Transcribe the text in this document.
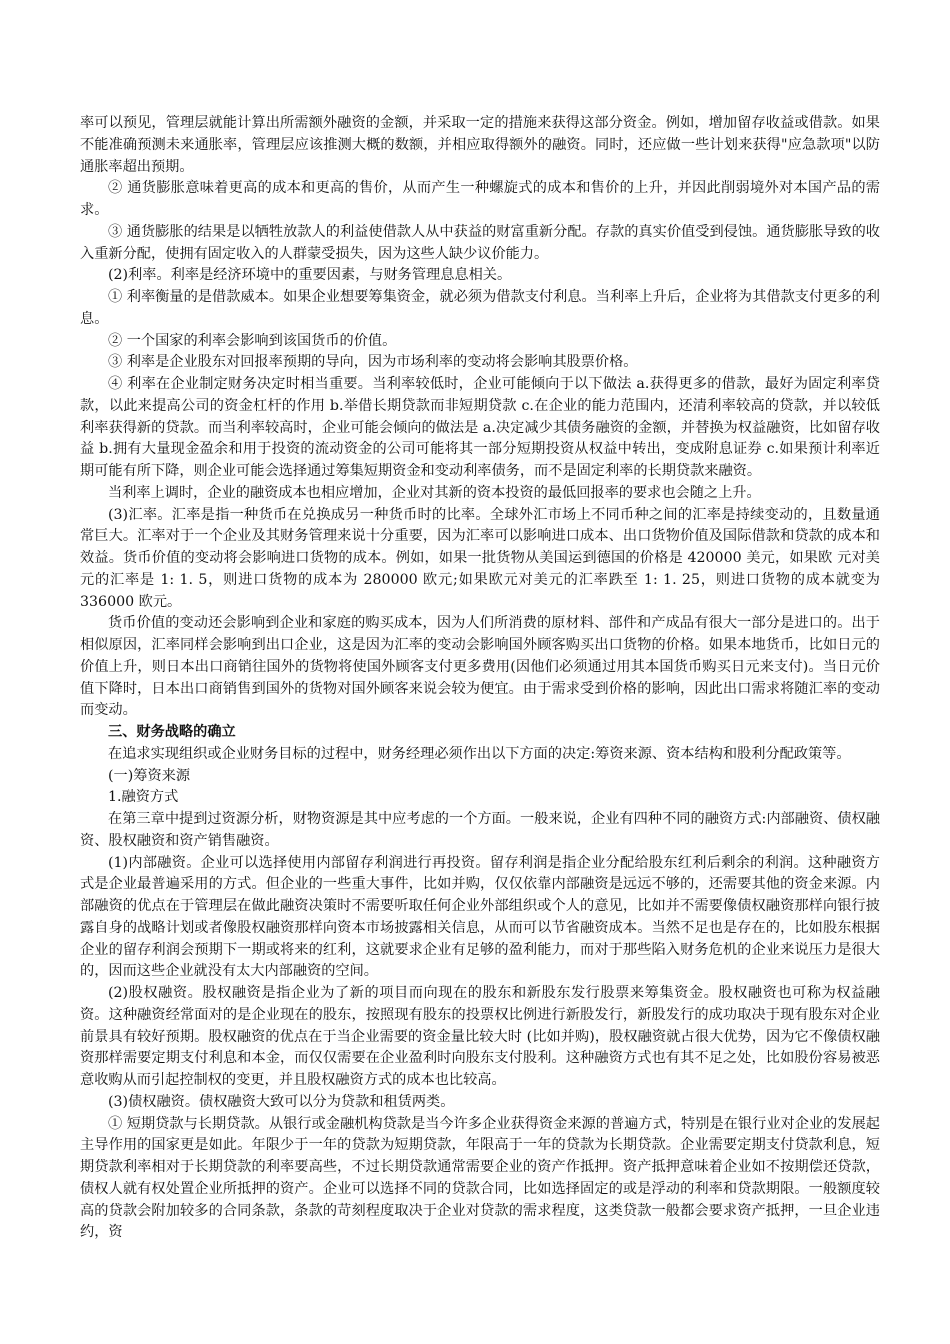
率可以预见，管理层就能计算出所需额外融资的金额，并采取一定的措施来获得这部分资金。例如，增加留存收益或借款。如果不能准确预测未来通胀率，管理层应该推测大概的数额，并相应取得额外的融资。同时，还应做一些计划来获得"应急款项"以防通胀率超出预期。

② 通货膨胀意味着更高的成本和更高的售价，从而产生一种螺旋式的成本和售价的上升，并因此削弱境外对本国产品的需求。

③ 通货膨胀的结果是以牺牲放款人的利益使借款人从中获益的财富重新分配。存款的真实价值受到侵蚀。通货膨胀导致的收入重新分配，使拥有固定收入的人群蒙受损失，因为这些人缺少议价能力。

(2)利率。利率是经济环境中的重要因素，与财务管理息息相关。

① 利率衡量的是借款威本。如果企业想要筹集资金，就必须为借款支付利息。当利率上升后，企业将为其借款支付更多的利息。

② 一个国家的利率会影响到该国货币的价值。

③ 利率是企业股东对回报率预期的导向，因为市场利率的变动将会影响其股票价格。

④ 利率在企业制定财务决定时相当重要。当利率较低时，企业可能倾向于以下做法 a.获得更多的借款，最好为固定利率贷款，以此来提高公司的资金杠杆的作用 b.举借长期贷款而非短期贷款 c.在企业的能力范围内，还清利率较高的贷款，并以较低利率获得新的贷款。而当利率较高时，企业可能会倾向的做法是 a.决定减少其债务融资的金额，并替换为权益融资，比如留存收益 b.拥有大量现金盈余和用于投资的流动资金的公司可能将其一部分短期投资从权益中转出，变成附息证券 c.如果预计利率近期可能有所下降，则企业可能会选择通过筹集短期资金和变动利率债务，而不是固定利率的长期贷款来融资。

当利率上调时，企业的融资成本也相应增加，企业对其新的资本投资的最低回报率的要求也会随之上升。

(3)汇率。汇率是指一种货币在兑换成另一种货币时的比率。全球外汇市场上不同币种之间的汇率是持续变动的，且数量通常巨大。汇率对于一个企业及其财务管理来说十分重要，因为汇率可以影响进口成本、出口货物价值及国际借款和贷款的成本和效益。货币价值的变动将会影响进口货物的成本。例如，如果一批货物从美国运到德国的价格是 420000 美元，如果欧 元对美元的汇率是 1: 1. 5，则进口货物的成本为 280000 欧元;如果欧元对美元的汇率跌至 1: 1. 25，则进口货物的成本就变为 336000 欧元。

货币价值的变动还会影响到企业和家庭的购买成本，因为人们所消费的原材料、部件和产成品有很大一部分是进口的。出于相似原因，汇率同样会影响到出口企业，这是因为汇率的变动会影响国外顾客购买出口货物的价格。如果本地货币，比如日元的价值上升，则日本出口商销往国外的货物将使国外顾客支付更多费用(因他们必须通过用其本国货币购买日元来支付)。当日元价值下降时，日本出口商销售到国外的货物对国外顾客来说会较为便宜。由于需求受到价格的影响，因此出口需求将随汇率的变动而变动。

三、财务战略的确立

在追求实现组织或企业财务目标的过程中，财务经理必须作出以下方面的决定:筹资来源、资本结构和股利分配政策等。

(一)筹资来源

1.融资方式

在第三章中提到过资源分析，财物资源是其中应考虑的一个方面。一般来说，企业有四种不同的融资方式:内部融资、债权融资、股权融资和资产销售融资。

(1)内部融资。企业可以选择使用内部留存利润进行再投资。留存利润是指企业分配给股东红利后剩余的利润。这种融资方式是企业最普遍采用的方式。但企业的一些重大事件，比如并购，仅仅依靠内部融资是远远不够的，还需要其他的资金来源。内部融资的优点在于管理层在做此融资决策时不需要听取任何企业外部组织或个人的意见，比如并不需要像债权融资那样向银行披露自身的战略计划或者像股权融资那样向资本市场披露相关信息，从而可以节省融资成本。当然不足也是存在的，比如股东根据企业的留存利润会预期下一期或将来的红利，这就要求企业有足够的盈利能力，而对于那些陷入财务危机的企业来说压力是很大的，因而这些企业就没有太大内部融资的空间。

(2)股权融资。股权融资是指企业为了新的项目而向现在的股东和新股东发行股票来筹集资金。股权融资也可称为权益融资。这种融资经常面对的是企业现在的股东，按照现有股东的投票权比例进行新股发行，新股发行的成功取决于现有股东对企业前景具有较好预期。股权融资的优点在于当企业需要的资金量比较大时 (比如并购)，股权融资就占很大优势，因为它不像债权融资那样需要定期支付利息和本金，而仅仅需要在企业盈利时向股东支付股利。这种融资方式也有其不足之处，比如股份容易被恶意收购从而引起控制权的变更，并且股权融资方式的成本也比较高。

(3)债权融资。债权融资大致可以分为贷款和租赁两类。

① 短期贷款与长期贷款。从银行或金融机构贷款是当今许多企业获得资金来源的普遍方式，特别是在银行业对企业的发展起主导作用的国家更是如此。年限少于一年的贷款为短期贷款，年限高于一年的贷款为长期贷款。企业需要定期支付贷款利息，短期贷款利率相对于长期贷款的利率要高些，不过长期贷款通常需要企业的资产作抵押。资产抵押意味着企业如不按期偿还贷款，债权人就有权处置企业所抵押的资产。企业可以选择不同的贷款合同，比如选择固定的或是浮动的利率和贷款期限。一般额度较高的贷款会附加较多的合同条款，条款的苛刻程度取决于企业对贷款的需求程度，这类贷款一般都会要求资产抵押，一旦企业违约，资
